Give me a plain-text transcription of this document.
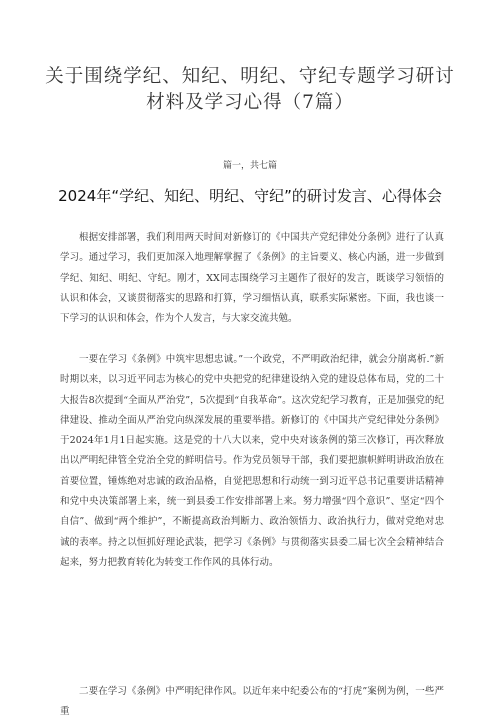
关于围绕学纪、知纪、明纪、守纪专题学习研讨材料及学习心得（7篇）
篇一，共七篇
2024年“学纪、知纪、明纪、守纪”的研讨发言、心得体会

根据安排部署，我们利用两天时间对新修订的《中国共产党纪律处分条例》进行了认真学习。通过学习，我们更加深入地理解掌握了《条例》的主旨要义、核心内涵，进一步做到学纪、知纪、明纪、守纪。刚才，XX同志围绕学习主题作了很好的发言，既谈学习领悟的认识和体会，又谈贯彻落实的思路和打算，学习细悟认真，联系实际紧密。下面，我也谈一下学习的认识和体会，作为个人发言，与大家交流共勉。

一要在学习《条例》中筑牢思想忠诚。”一个政党，不严明政治纪律，就会分崩离析.”新时期以来，以习近平同志为核心的党中央把党的纪律建设纳入党的建设总体布局，党的二十大报告8次提到“全面从严治党”，5次提到“自我革命”。这次党纪学习教育，正是加强党的纪律建设、推动全面从严治党向纵深发展的重要举措。新修订的《中国共产党纪律处分条例》于2024年1月1日起实施。这是党的十八大以来，党中央对该条例的第三次修订，再次释放出以严明纪律管全党治全党的鲜明信号。作为党员领导干部，我们要把旗帜鲜明讲政治放在首要位置，锤炼绝对忠诚的政治品格，自觉把思想和行动统一到习近平总书记重要讲话精神和党中央决策部署上来，统一到县委工作安排部署上来。努力增强“四个意识”、坚定“四个自信”、做到“两个维护”，不断提高政治判断力、政治领悟力、政治执行力，做对党绝对忠诚的表率。持之以恒抓好理论武装，把学习《条例》与贯彻落实县委二届七次全会精神结合起来，努力把教育转化为转变工作作风的具体行动。

二要在学习《条例》中严明纪律作风。以近年来中纪委公布的“打虎”案例为例，一些严重
